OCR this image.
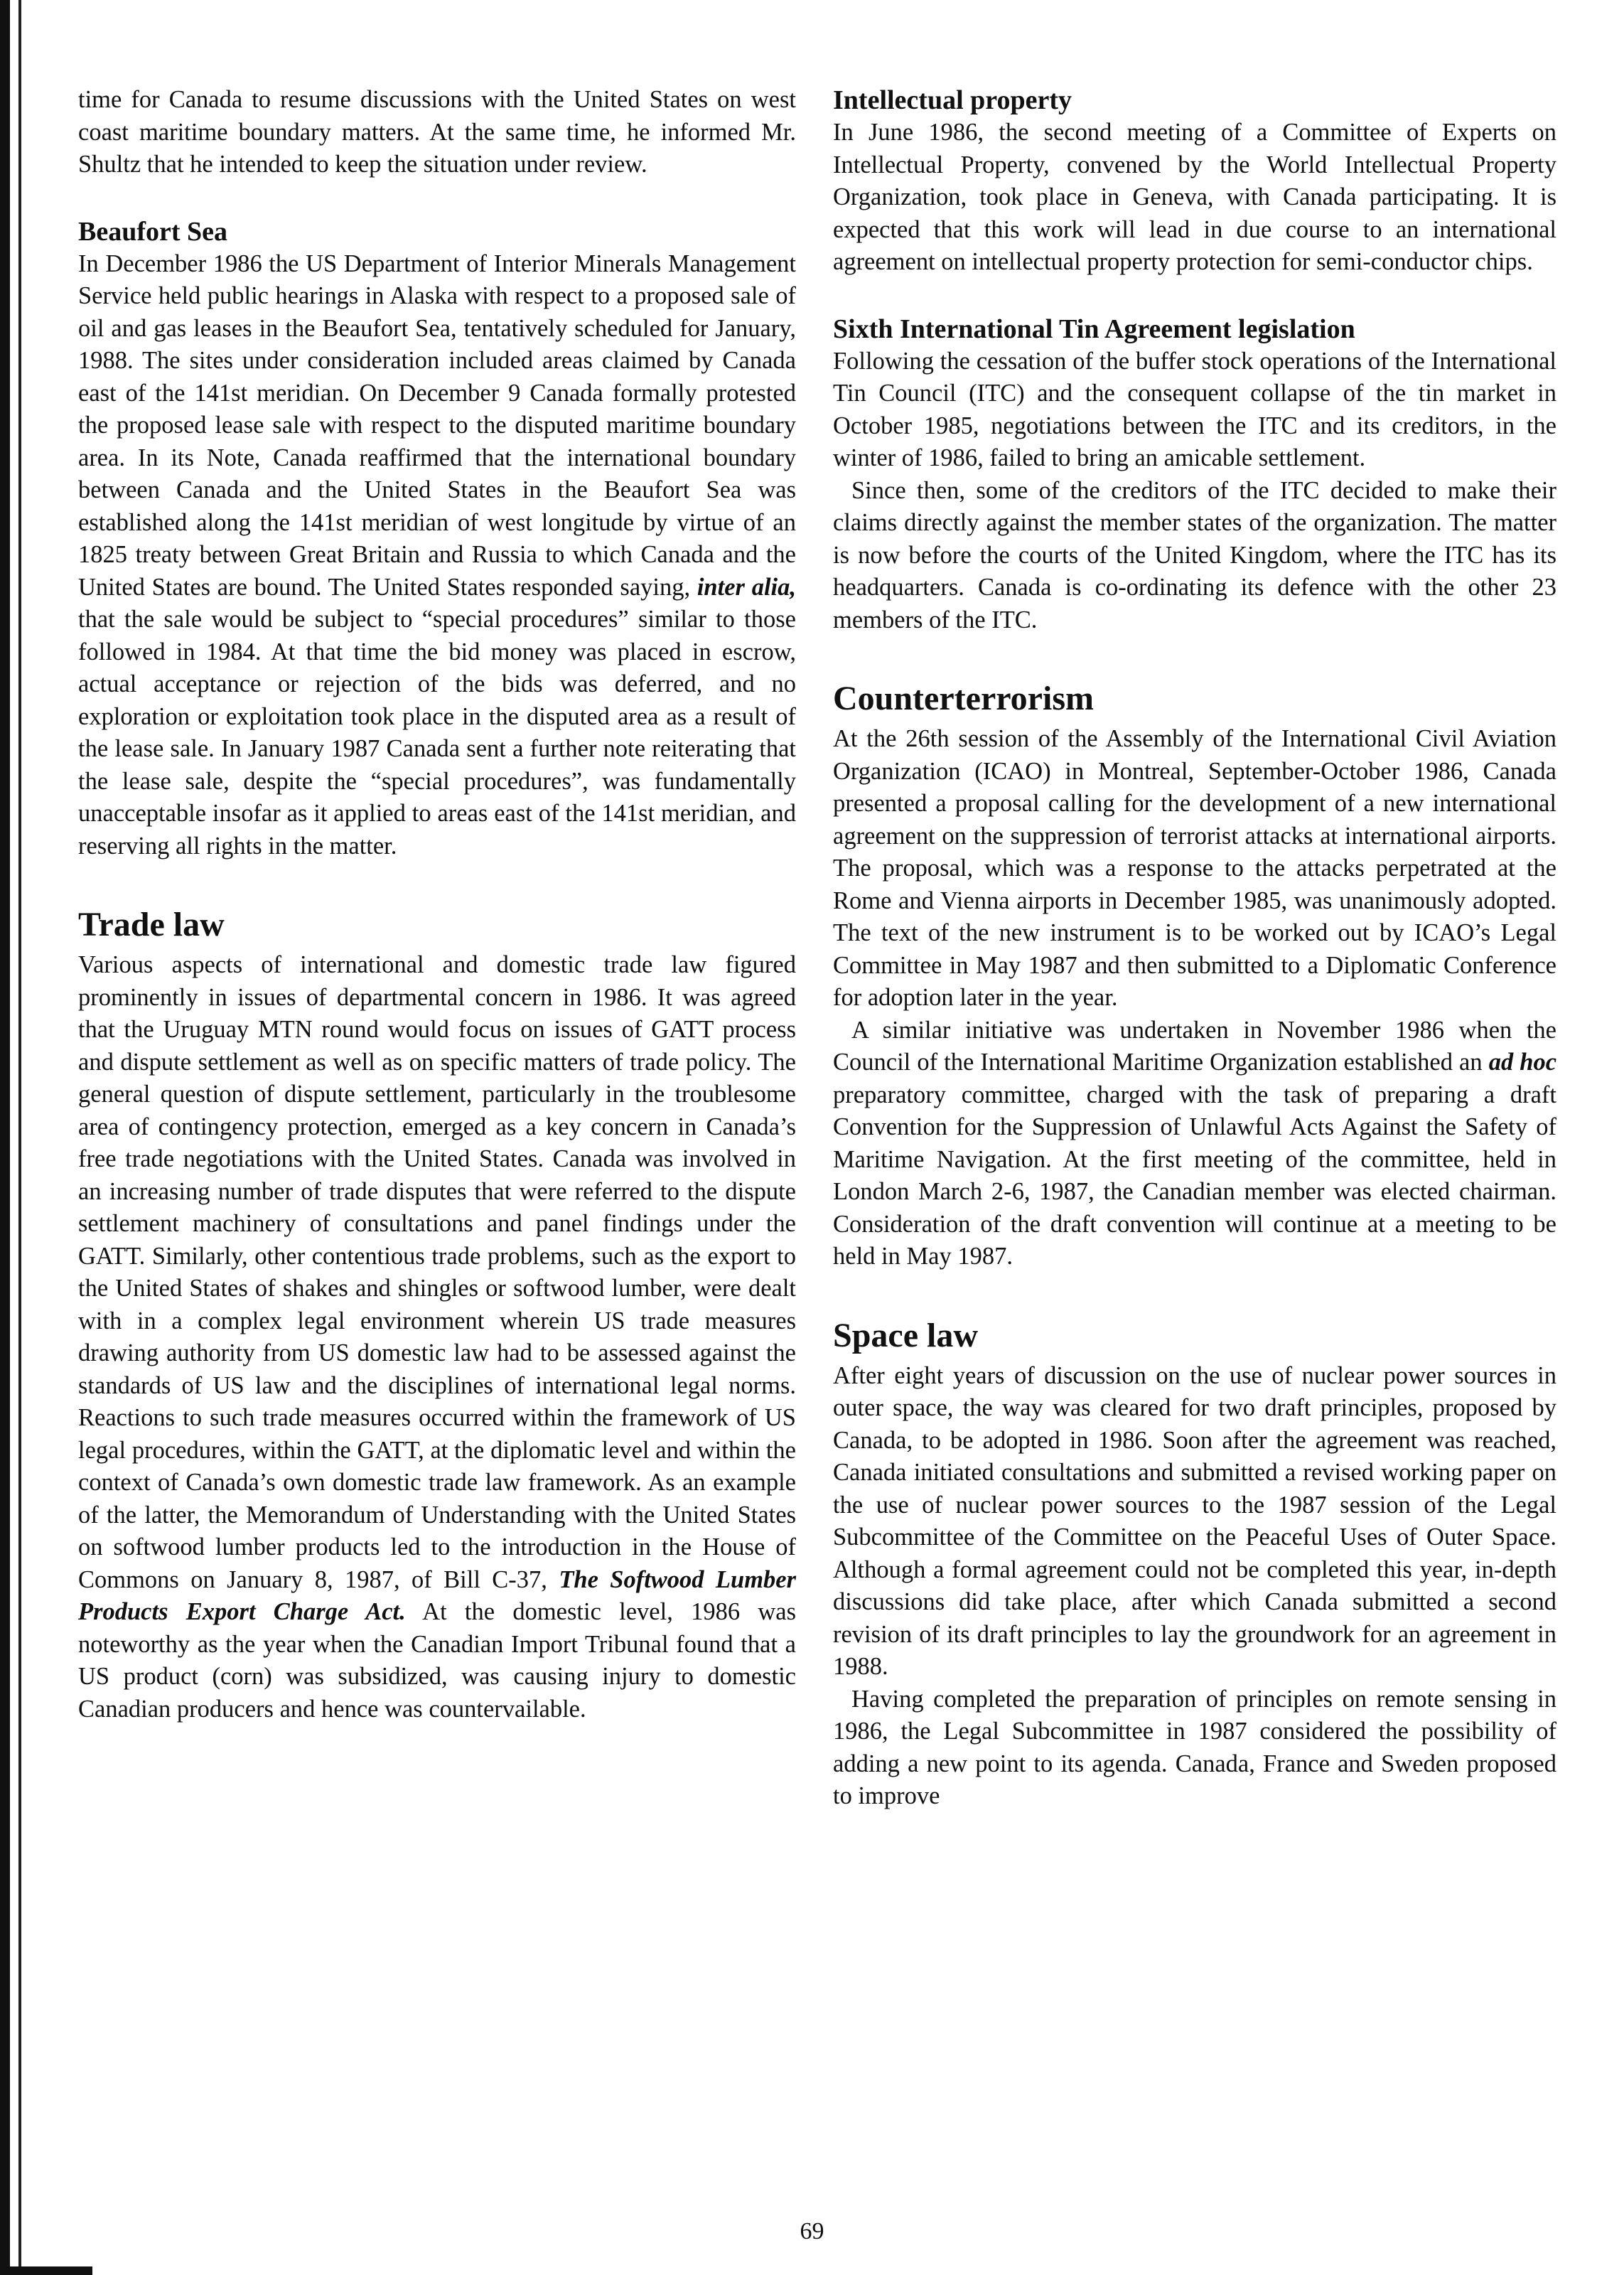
time for Canada to resume discussions with the United States on west coast maritime boundary matters. At the same time, he informed Mr. Shultz that he intended to keep the situation under review.

Beaufort Sea

In December 1986 the US Department of Interior Minerals Management Service held public hearings in Alaska with respect to a proposed sale of oil and gas leases in the Beaufort Sea, tentatively scheduled for January, 1988. The sites under consideration included areas claimed by Canada east of the 141st meridian. On December 9 Canada formally protested the proposed lease sale with respect to the disputed maritime boundary area. In its Note, Canada reaffirmed that the international boundary between Canada and the United States in the Beaufort Sea was established along the 141st meridian of west longitude by virtue of an 1825 treaty between Great Britain and Russia to which Canada and the United States are bound. The United States responded saying, inter alia, that the sale would be subject to “special procedures” similar to those followed in 1984. At that time the bid money was placed in escrow, actual acceptance or rejection of the bids was deferred, and no exploration or exploitation took place in the disputed area as a result of the lease sale. In January 1987 Canada sent a further note reiterating that the lease sale, despite the “special procedures”, was fundamentally unacceptable insofar as it applied to areas east of the 141st meridian, and reserving all rights in the matter.

Trade law

Various aspects of international and domestic trade law figured prominently in issues of departmental concern in 1986. It was agreed that the Uruguay MTN round would focus on issues of GATT process and dispute settlement as well as on specific matters of trade policy. The general question of dispute settlement, particularly in the troublesome area of contingency protection, emerged as a key concern in Canada’s free trade negotiations with the United States. Canada was involved in an increasing number of trade disputes that were referred to the dispute settlement machinery of consultations and panel findings under the GATT. Similarly, other contentious trade problems, such as the export to the United States of shakes and shingles or softwood lumber, were dealt with in a complex legal environment wherein US trade measures drawing authority from US domestic law had to be assessed against the standards of US law and the disciplines of international legal norms. Reactions to such trade measures occurred within the framework of US legal procedures, within the GATT, at the diplomatic level and within the context of Canada’s own domestic trade law framework. As an example of the latter, the Memorandum of Understanding with the United States on softwood lumber products led to the introduction in the House of Commons on January 8, 1987, of Bill C-37, The Softwood Lumber Products Export Charge Act. At the domestic level, 1986 was noteworthy as the year when the Canadian Import Tribunal found that a US product (corn) was subsidized, was causing injury to domestic Canadian producers and hence was countervailable.

Intellectual property

In June 1986, the second meeting of a Committee of Experts on Intellectual Property, convened by the World Intellectual Property Organization, took place in Geneva, with Canada participating. It is expected that this work will lead in due course to an international agreement on intellectual property protection for semi-conductor chips.

Sixth International Tin Agreement legislation

Following the cessation of the buffer stock operations of the International Tin Council (ITC) and the consequent collapse of the tin market in October 1985, negotiations between the ITC and its creditors, in the winter of 1986, failed to bring an amicable settlement.

Since then, some of the creditors of the ITC decided to make their claims directly against the member states of the organization. The matter is now before the courts of the United Kingdom, where the ITC has its headquarters. Canada is co-ordinating its defence with the other 23 members of the ITC.

Counterterrorism

At the 26th session of the Assembly of the International Civil Aviation Organization (ICAO) in Montreal, September-October 1986, Canada presented a proposal calling for the development of a new international agreement on the suppression of terrorist attacks at international airports. The proposal, which was a response to the attacks perpetrated at the Rome and Vienna airports in December 1985, was unanimously adopted. The text of the new instrument is to be worked out by ICAO’s Legal Committee in May 1987 and then submitted to a Diplomatic Conference for adoption later in the year.

A similar initiative was undertaken in November 1986 when the Council of the International Maritime Organization established an ad hoc preparatory committee, charged with the task of preparing a draft Convention for the Suppression of Unlawful Acts Against the Safety of Maritime Navigation. At the first meeting of the committee, held in London March 2-6, 1987, the Canadian member was elected chairman. Consideration of the draft convention will continue at a meeting to be held in May 1987.

Space law

After eight years of discussion on the use of nuclear power sources in outer space, the way was cleared for two draft principles, proposed by Canada, to be adopted in 1986. Soon after the agreement was reached, Canada initiated consultations and submitted a revised working paper on the use of nuclear power sources to the 1987 session of the Legal Subcommittee of the Committee on the Peaceful Uses of Outer Space. Although a formal agreement could not be completed this year, in-depth discussions did take place, after which Canada submitted a second revision of its draft principles to lay the groundwork for an agreement in 1988.

Having completed the preparation of principles on remote sensing in 1986, the Legal Subcommittee in 1987 considered the possibility of adding a new point to its agenda. Canada, France and Sweden proposed to improve

69
